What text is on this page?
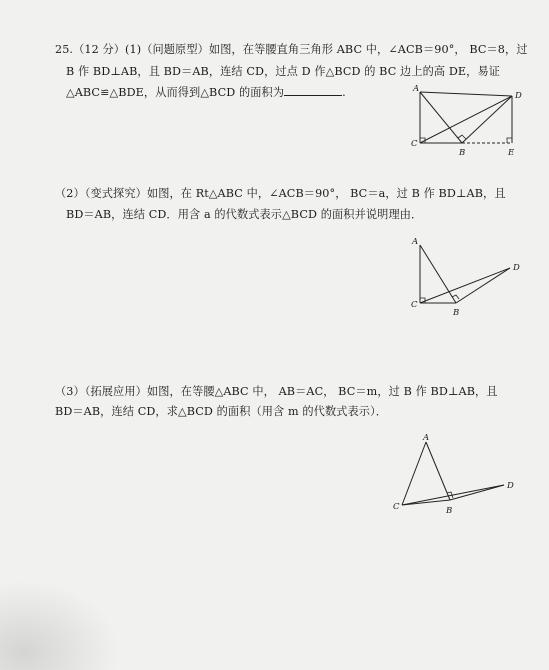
25.（12 分）(1)（问题原型）如图，在等腰直角三角形 ABC 中，∠ACB＝90°， BC＝8，过
B 作 BD⊥AB，且 BD＝AB，连结 CD，过点 D 作△BCD 的 BC 边上的高 DE，易证
△ABC≌△BDE，从而得到△BCD 的面积为	.	A
C
B
D
E
（2）（变式探究）如图，在 Rt△ABC 中，∠ACB＝90°， BC＝a，过 B 作 BD⊥AB，且
BD＝AB，连结 CD．用含 a 的代数式表示△BCD 的面积并说明理由．
A
C
B
D
（3）（拓展应用）如图，在等腰△ABC 中， AB＝AC， BC＝m，过 B 作 BD⊥AB，且
BD＝AB，连结 CD，求△BCD 的面积（用含 m 的代数式表示）．
A
C	B
D
